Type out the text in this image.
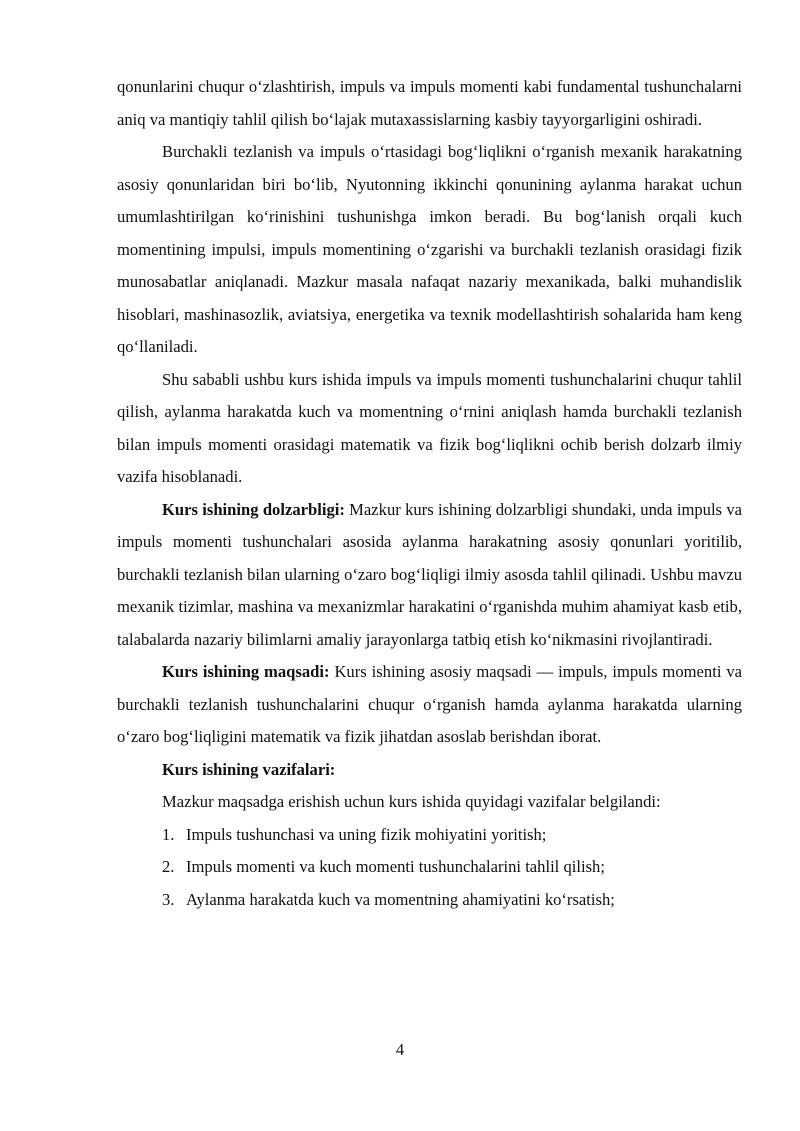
qonunlarini chuqur o‘zlashtirish, impuls va impuls momenti kabi fundamental tushunchalarni aniq va mantiqiy tahlil qilish bo‘lajak mutaxassislarning kasbiy tayyorgarligini oshiradi.

Burchakli tezlanish va impuls o‘rtasidagi bog‘liqlikni o‘rganish mexanik harakatning asosiy qonunlaridan biri bo‘lib, Nyutonning ikkinchi qonunining aylanma harakat uchun umumlashtirilgan ko‘rinishini tushunishga imkon beradi. Bu bog‘lanish orqali kuch momentining impulsi, impuls momentining o‘zgarishi va burchakli tezlanish orasidagi fizik munosabatlar aniqlanadi. Mazkur masala nafaqat nazariy mexanikada, balki muhandislik hisoblari, mashinasozlik, aviatsiya, energetika va texnik modellashtirish sohalarida ham keng qo‘llaniladi.

Shu sababli ushbu kurs ishida impuls va impuls momenti tushunchalarini chuqur tahlil qilish, aylanma harakatda kuch va momentning o‘rnini aniqlash hamda burchakli tezlanish bilan impuls momenti orasidagi matematik va fizik bog‘liqlikni ochib berish dolzarb ilmiy vazifa hisoblanadi.

Kurs ishining dolzarbligi: Mazkur kurs ishining dolzarbligi shundaki, unda impuls va impuls momenti tushunchalari asosida aylanma harakatning asosiy qonunlari yoritilib, burchakli tezlanish bilan ularning o‘zaro bog‘liqligi ilmiy asosda tahlil qilinadi. Ushbu mavzu mexanik tizimlar, mashina va mexanizmlar harakatini o‘rganishda muhim ahamiyat kasb etib, talabalarda nazariy bilimlarni amaliy jarayonlarga tatbiq etish ko‘nikmasini rivojlantiradi.

Kurs ishining maqsadi: Kurs ishining asosiy maqsadi — impuls, impuls momenti va burchakli tezlanish tushunchalarini chuqur o‘rganish hamda aylanma harakatda ularning o‘zaro bog‘liqligini matematik va fizik jihatdan asoslab berishdan iborat.

Kurs ishining vazifalari:

Mazkur maqsadga erishish uchun kurs ishida quyidagi vazifalar belgilandi:

1. Impuls tushunchasi va uning fizik mohiyatini yoritish;
2. Impuls momenti va kuch momenti tushunchalarini tahlil qilish;
3. Aylanma harakatda kuch va momentning ahamiyatini ko‘rsatish;
4
